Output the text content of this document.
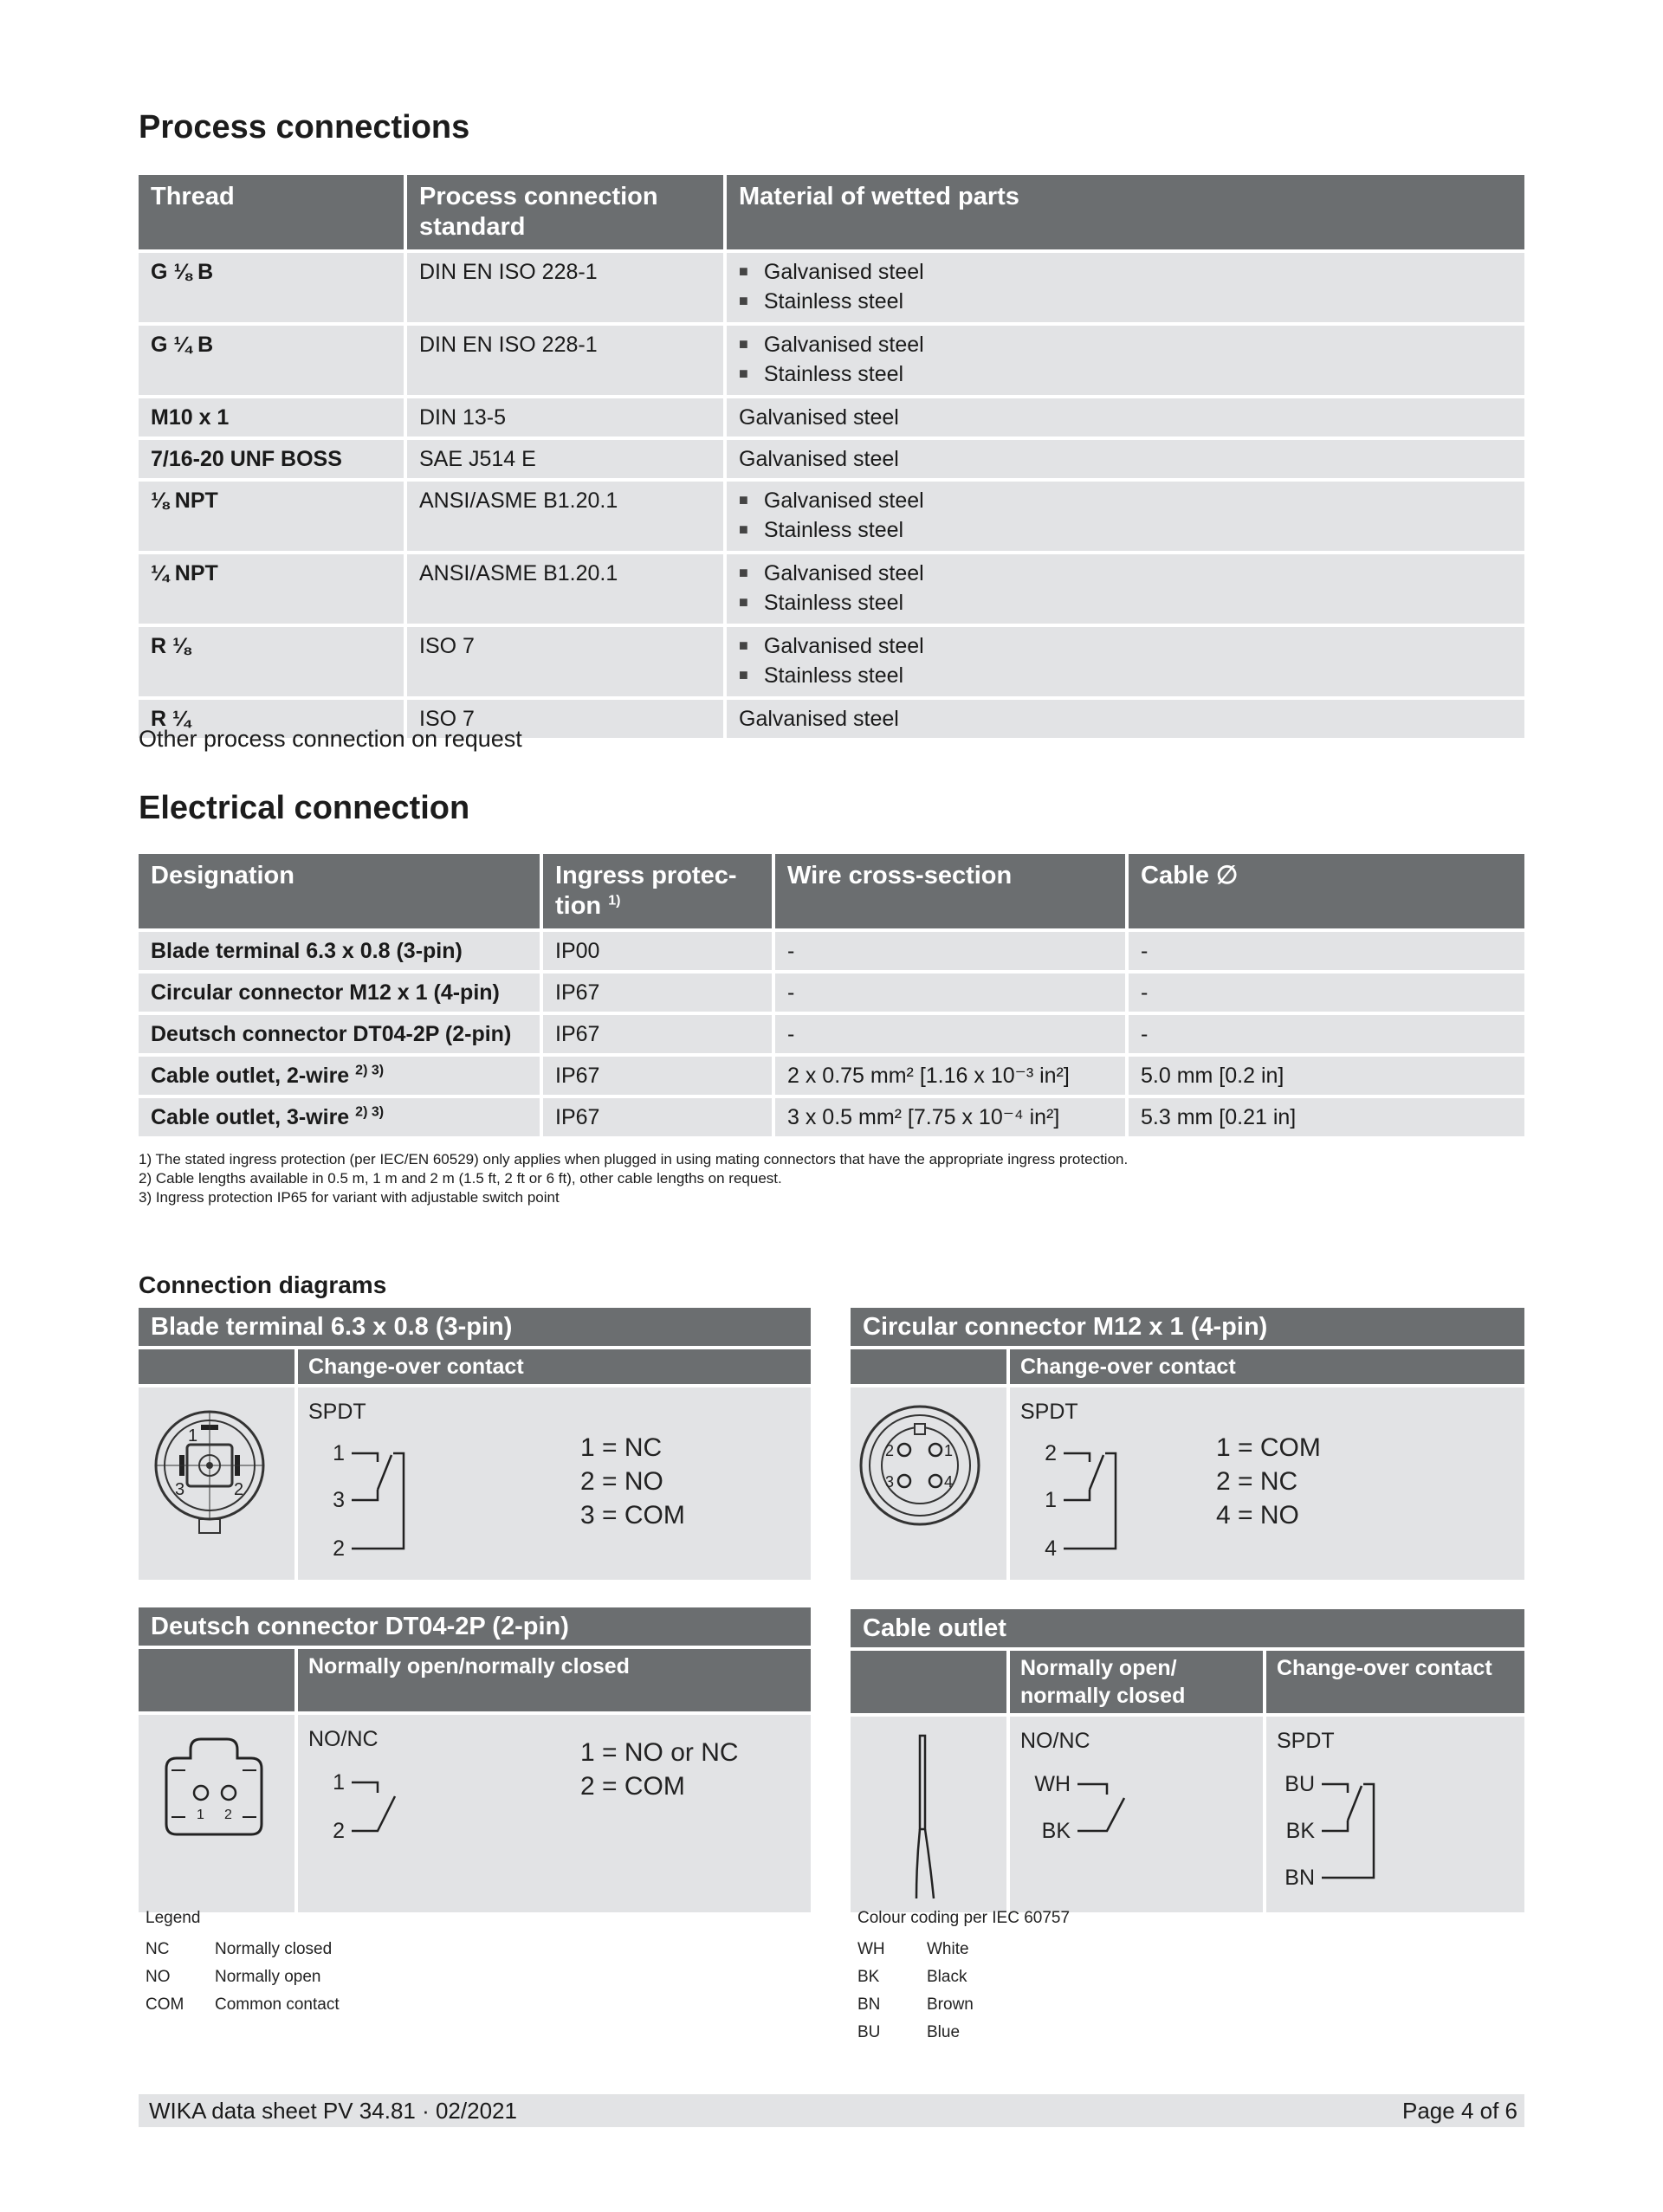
Process connections
Thread	Process connection standard	Material of wetted parts
G ⅛ B	DIN EN ISO 228-1	■ Galvanised steel
■ Stainless steel

G ¼ B	DIN EN ISO 228-1	■ Galvanised steel
■ Stainless steel

M10 x 1	DIN 13-5	Galvanised steel
7/16-20 UNF BOSS	SAE J514 E	Galvanised steel
⅛ NPT	ANSI/ASME B1.20.1	■ Galvanised steel
■ Stainless steel

¼ NPT	ANSI/ASME B1.20.1	■ Galvanised steel
■ Stainless steel

R ⅛	ISO 7	■ Galvanised steel
■ Stainless steel

R ¼	ISO 7	Galvanised steel
Other process connection on request
Electrical connection
Designation	Ingress protec-tion $^{1)}$	Wire cross-section	Cable ∅
Blade terminal 6.3 x 0.8 (3-pin)	IP00	-	-
Circular connector M12 x 1 (4-pin)	IP67	-	-
Deutsch connector DT04-2P (2-pin)	IP67	-	-
Cable outlet, 2-wire $^{2) 3)}$	IP67	2 x 0.75 mm² [1.16 x 10⁻³ in²]	5.0 mm [0.2 in]
Cable outlet, 3-wire $^{2) 3)}$	IP67	3 x 0.5 mm² [7.75 x 10⁻⁴ in²]	5.3 mm [0.21 in]
1) The stated ingress protection (per IEC/EN 60529) only applies when plugged in using mating connectors that have the appropriate ingress protection.
2) Cable lengths available in 0.5 m, 1 m and 2 m (1.5 ft, 2 ft or 6 ft), other cable lengths on request.
3) Ingress protection IP65 for variant with adjustable switch point
Connection diagrams
Blade terminal 6.3 x 0.8 (3-pin)
Change-over contact
1
3	2
SPDT
1
3
2
1 = NC
2 = NO
3 = COM
Circular connector M12 x 1 (4-pin)
Change-over contact
2	1
3	4
SPDT
2
1
4
1 = COM
2 = NC
4 = NO
Deutsch connector DT04-2P (2-pin)
Normally open/normally closed
1 2
NO/NC
1
2
1 = NO or NC
2 = COM
Cable outlet
Normally open/ normally closed
Change-over contact
NO/NC
WH
BK
SPDT
BU
BK
BN
Legend
NC	Normally closed
NO	Normally open
COM Common contact
Colour coding per IEC 60757
WH	White
BK	Black
BN	Brown
BU	Blue
WIKA data sheet PV 34.81 · 02/2021	Page 4 of 6
